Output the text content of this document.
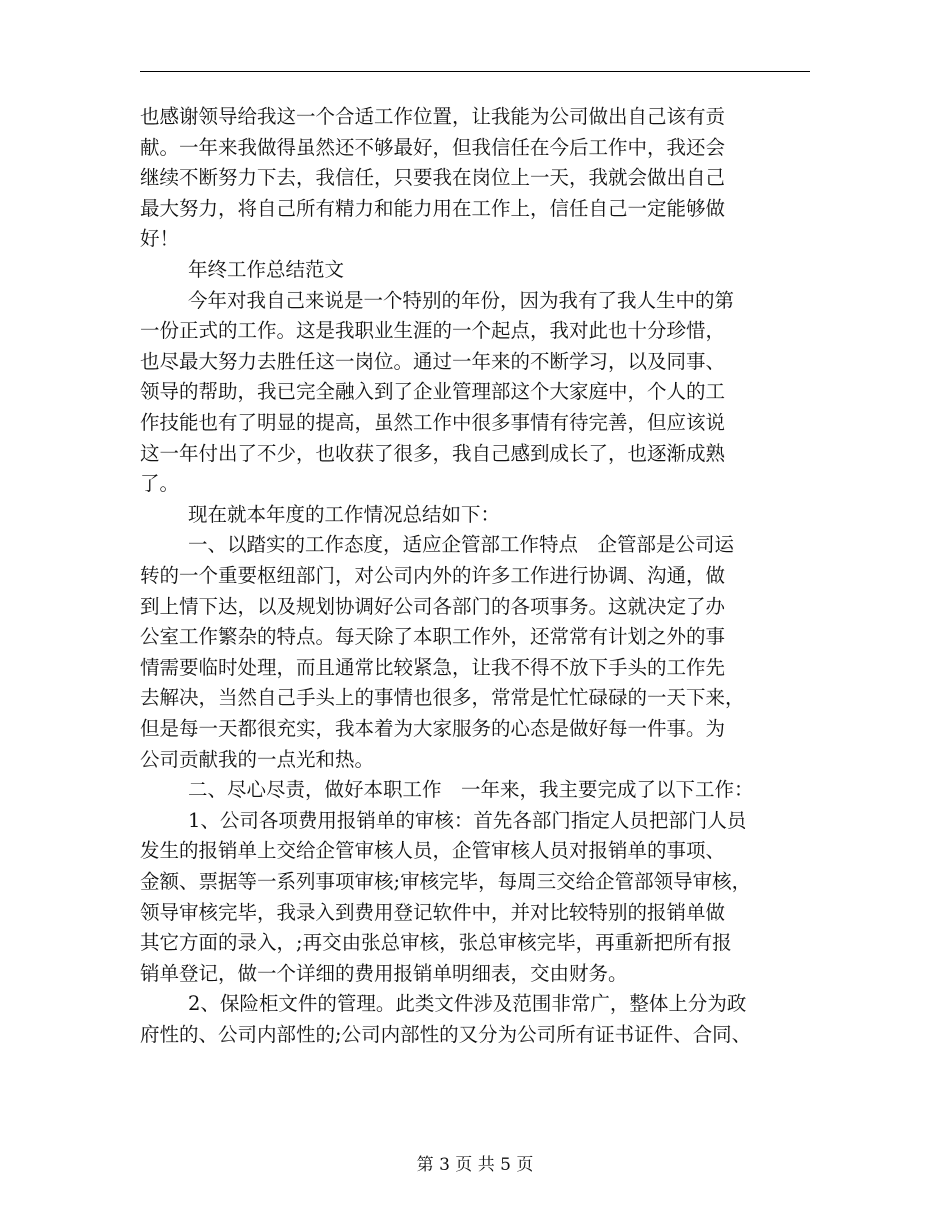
也感谢领导给我这一个合适工作位置，让我能为公司做出自己该有贡
献。一年来我做得虽然还不够最好，但我信任在今后工作中，我还会
继续不断努力下去，我信任，只要我在岗位上一天，我就会做出自己
最大努力，将自己所有精力和能力用在工作上，信任自己一定能够做
好！
年终工作总结范文
今年对我自己来说是一个特别的年份，因为我有了我人生中的第
一份正式的工作。这是我职业生涯的一个起点，我对此也十分珍惜，
也尽最大努力去胜任这一岗位。通过一年来的不断学习，以及同事、
领导的帮助，我已完全融入到了企业管理部这个大家庭中，个人的工
作技能也有了明显的提高，虽然工作中很多事情有待完善，但应该说
这一年付出了不少，也收获了很多，我自己感到成长了，也逐渐成熟
了。
现在就本年度的工作情况总结如下：
一、以踏实的工作态度，适应企管部工作特点　企管部是公司运
转的一个重要枢纽部门，对公司内外的许多工作进行协调、沟通，做
到上情下达，以及规划协调好公司各部门的各项事务。这就决定了办
公室工作繁杂的特点。每天除了本职工作外，还常常有计划之外的事
情需要临时处理，而且通常比较紧急，让我不得不放下手头的工作先
去解决，当然自己手头上的事情也很多，常常是忙忙碌碌的一天下来，
但是每一天都很充实，我本着为大家服务的心态是做好每一件事。为
公司贡献我的一点光和热。
二、尽心尽责，做好本职工作　一年来，我主要完成了以下工作：
1、公司各项费用报销单的审核：首先各部门指定人员把部门人员
发生的报销单上交给企管审核人员，企管审核人员对报销单的事项、
金额、票据等一系列事项审核;审核完毕，每周三交给企管部领导审核，
领导审核完毕，我录入到费用登记软件中，并对比较特别的报销单做
其它方面的录入，;再交由张总审核，张总审核完毕，再重新把所有报
销单登记，做一个详细的费用报销单明细表，交由财务。
2、保险柜文件的管理。此类文件涉及范围非常广，整体上分为政
府性的、公司内部性的;公司内部性的又分为公司所有证书证件、合同、
第 3 页 共 5 页
